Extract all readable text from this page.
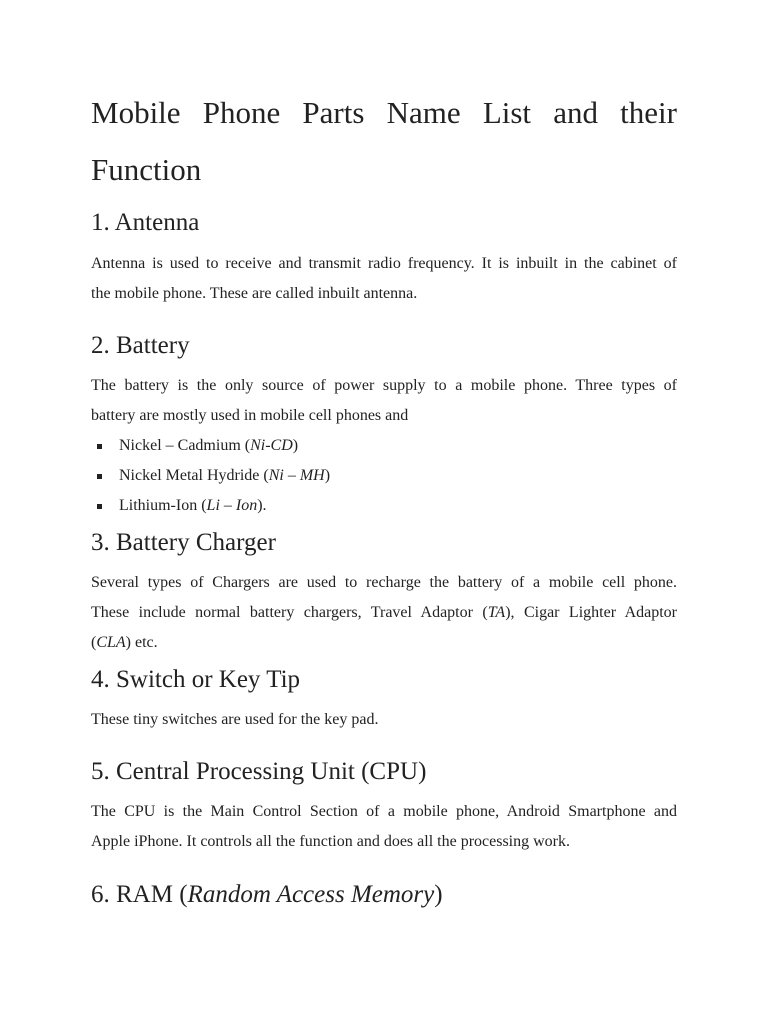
Mobile Phone Parts Name List and their
Function
1. Antenna

Antenna is used to receive and transmit radio frequency. It is inbuilt in the cabinet of
the mobile phone. These are called inbuilt antenna.

2. Battery

The battery is the only source of power supply to a mobile phone. Three types of
battery are mostly used in mobile cell phones and

Nickel – Cadmium (Ni-CD)
Nickel Metal Hydride (Ni – MH)
Lithium-Ion (Li – Ion).
3. Battery Charger

Several types of Chargers are used to recharge the battery of a mobile cell phone.
These include normal battery chargers, Travel Adaptor (TA), Cigar Lighter Adaptor
(CLA) etc.

4. Switch or Key Tip

These tiny switches are used for the key pad.

5. Central Processing Unit (CPU)

The CPU is the Main Control Section of a mobile phone, Android Smartphone and
Apple iPhone. It controls all the function and does all the processing work.

6. RAM (Random Access Memory)
